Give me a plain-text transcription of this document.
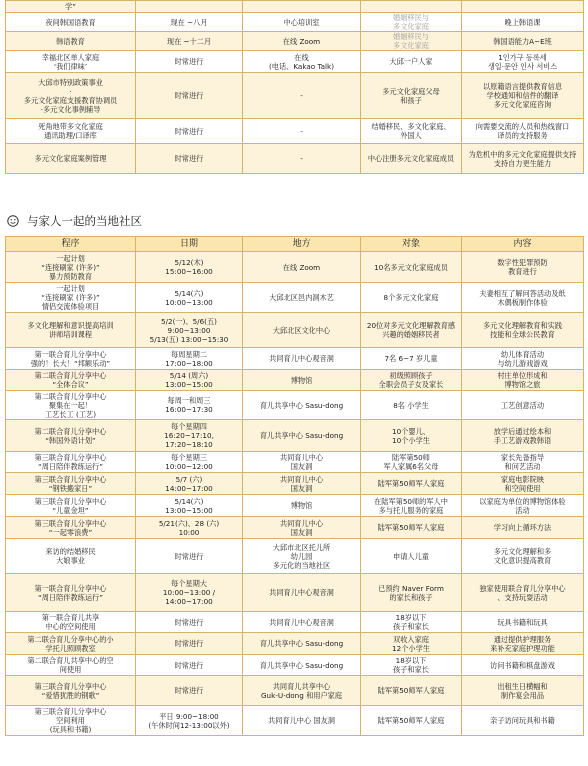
学”				

夜间韩国语教育	现在 ~八月	中心培训室	婚姻移民与
多文化家庭	晚上韩语课

韩语教育	现在 ~十二月	在线 Zoom	婚姻移民与
多文化家庭	韩国语能力A~E班

幸福北区单人家庭
‘我们律味’	时常进行	在线
(电话、Kakao Talk)	大邱一户人家	1인가구 등록세
생일·문안 인사 서비스

大邱市特别政策事业
·
多元文化家庭支援教育协调员
·多元文化事例辅导	时常进行	-	多元文化家庭父母
和孩子	以原籍语言提供教育信息
学校通知和信件的翻译
多元文化家庭咨询

死角地带多文化家庭
通讯助理/口译库	时常进行	-	结婚移民、多文化家庭、
外国人	向需要交流的人员和热线窗口
译员的支持服务

多元文化家庭案例管理	时常进行	-	中心注册多元文化家庭成员	为危机中的多元文化家庭提供支持
支持自力更生能力
与家人一起的当地社区
程序	日期	地方	对象	内容

一起计划
“连接刷家 (许多)”
暴力预防教育	5/12(木)
15:00~16:00	在线 Zoom	10名多元文化家庭成员	数字性犯罪预防
教育进行

一起计划
“连接刷家 (许多)”
情侣交流体验项目	5/14(六)
10:00~13:00	大邱北区邑内洞木艺	8个多元文化家庭	夫妻相互了解问答活动及纸
木偶板制作体验

多文化理解和意识提高培训
讲师培训课程	5/2(一)、5/6(五)
9:00~13:00
5/13(五) 13:00~15:30	大邱北区文化中心	20位对多元文化理解教育感
兴趣的婚姻移民者	多元文化理解教育和实践
技能和全球公民教育

第一联合育儿分享中心
强的！长大！“邦额乐动”	每周星期二
17:00~18:00	共同育儿中心观音洞	7名 6~7 岁儿童	幼儿体育活动
与幼儿游戏游戏

第二联合育儿分享中心
“全体合议”	5/14 (周六)
13:00~15:00	博物馆	初级照顾孩子
全职会员子女及家长	村庄单位形成和
博物馆之旅

第二联合育儿分享中心
聚集在一起！
工艺长工 (工艺)	每周一和周三
16:00~17:30	育儿共享中心 Sasu-dong	8名 小学生	工艺创意活动

第二联合育儿分享中心
“韩国外语计划”	每个星期四
16:20~17:10,
17:20~18:10	育儿共享中心 Sasu-dong	10个婴儿、
10个小学生	放学后通过绘本和
手工艺游戏教韩语

第三联合育儿分享中心
“周日陪伴教练运行”	每个星期三
10:00~12:00	共同育儿中心
国友洞	陆军第50师
军人家属6名父母	家长先备指导
和问艺活动

第三联合育儿分享中心
“钢铁搬家日”	5/7 (六)
14:00~17:00	共同育儿中心
国友洞	陆军第50师军人家庭	家庭电影院映
和空间使用

第三联合育儿分享中心
“儿童金坦”	5/14(六)
13:00~15:00	博物馆	在陆军第50师的军人中
多与托儿服务的家庭	以家庭为单位的博物馆体验
活动

第三联合育儿分享中心
“一起零浪费”	5/21(六)、28 (六)
10:00	共同育儿中心
国友洞	陆军第50师军人家庭	学习向上循环方法

来访的结婚移民
大娘事业	时常进行	大邱市北区托儿所
幼儿园
多元化的当地社区	申请人儿童	多元文化理解和多
文化意识提高教育

第一联合育儿分享中心
“周日陪伴教练运行”	每个星期大
10:00~13:00 /
14:00~17:00	共同育儿中心观音洞	已预约 Naver Form
的家长和孩子	独家使用联合育儿分享中心
、支持玩耍活动

第一联合育儿共享
中心的空间使用	时常进行	共同育儿中心观音洞	18岁以下
孩子和家长	玩具书籍和玩具

第二联合育儿分享中心的小
学托儿照顾教室	时常进行	育儿共享中心 Sasu-dong	双收入家庭
12个小学生	通过提供护理服务
来补充家庭护理功能

第二联合育儿共享中心的空
间使用	时常进行	育儿共享中心 Sasu-dong	18岁以下
孩子和家长	访问书籍和棋盘游戏

第三联合育儿分享中心
“爱惜犹胜的钢歌”	时常进行	共同育儿共享中心
Guk-U-dong 和用户家庭	陆军第50师军人家庭	出租生日横幅和
制作宴会用品

第三联合育儿分享中心
空间利用
(玩具和书籍)	平日 9:00~18:00
(午休时间12-13:00以外)	共同育儿中心 国友洞	陆军第50师军人家庭	亲子访问玩具和书籍
